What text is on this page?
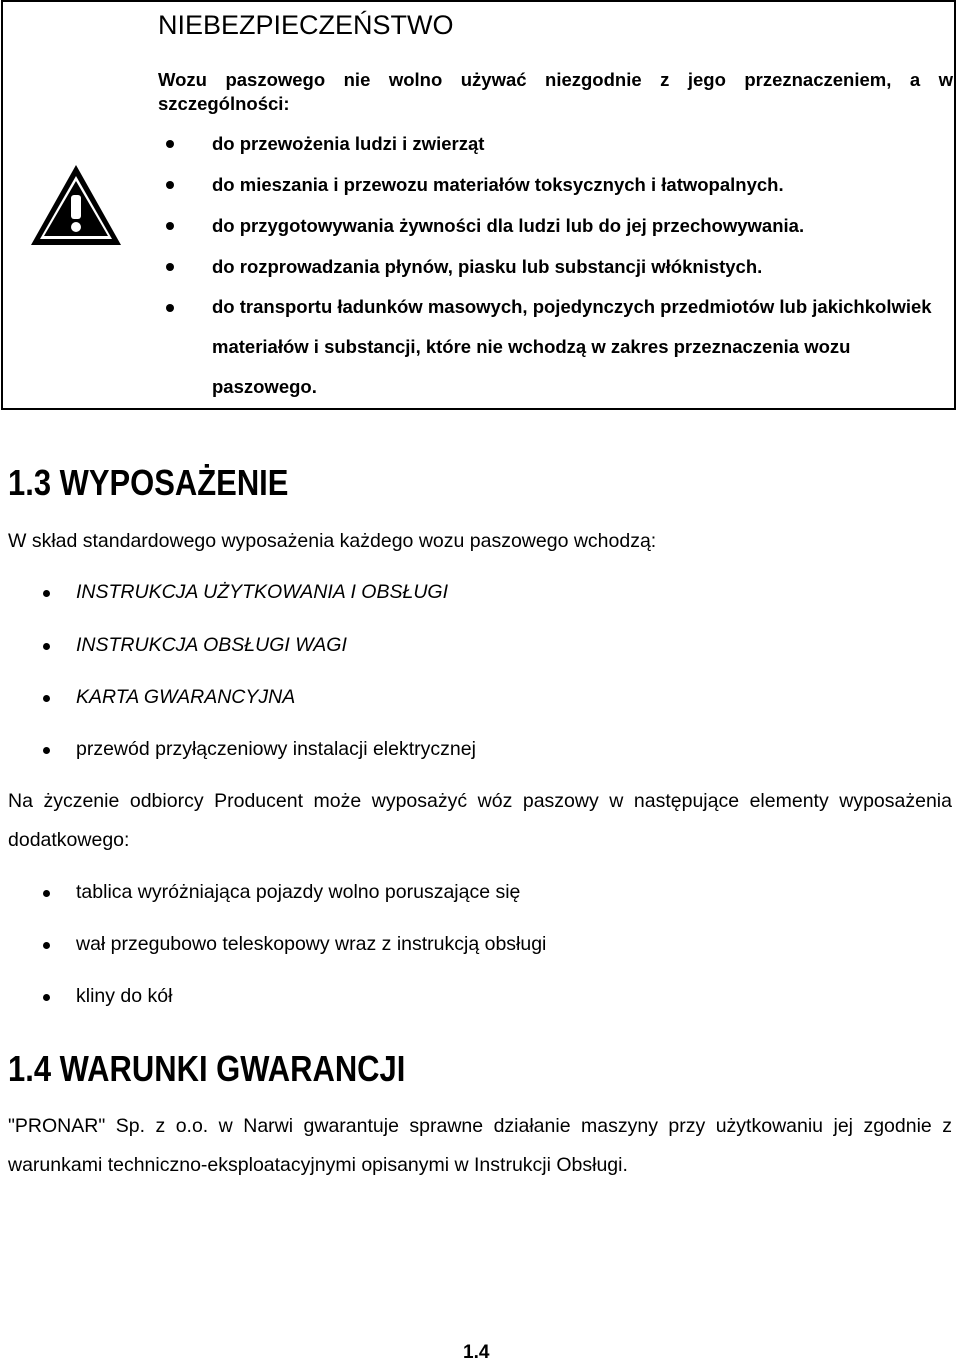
NIEBEZPIECZEŃSTWO
Wozu paszowego nie wolno używać niezgodnie z jego przeznaczeniem, a w
szczególności:
do przewożenia ludzi i zwierząt
do mieszania i przewozu materiałów toksycznych i łatwopalnych.
do przygotowywania żywności dla ludzi lub do jej przechowywania.
do rozprowadzania płynów, piasku lub substancji włóknistych.
do transportu ładunków masowych, pojedynczych przedmiotów lub jakichkolwiek materiałów i substancji, które nie wchodzą w zakres przeznaczenia wozu paszowego.
1.3 WYPOSAŻENIE
W skład standardowego wyposażenia każdego wozu paszowego wchodzą:
INSTRUKCJA UŻYTKOWANIA I OBSŁUGI
INSTRUKCJA OBSŁUGI WAGI
KARTA GWARANCYJNA
przewód przyłączeniowy instalacji elektrycznej
Na życzenie odbiorcy Producent może wyposażyć wóz paszowy w następujące elementy wyposażenia dodatkowego:
tablica wyróżniająca pojazdy wolno poruszające się
wał przegubowo teleskopowy wraz z instrukcją obsługi
kliny do kół
1.4 WARUNKI GWARANCJI
"PRONAR" Sp. z o.o. w Narwi gwarantuje sprawne działanie maszyny przy użytkowaniu jej zgodnie z warunkami techniczno-eksploatacyjnymi opisanymi w Instrukcji Obsługi.
1.4
